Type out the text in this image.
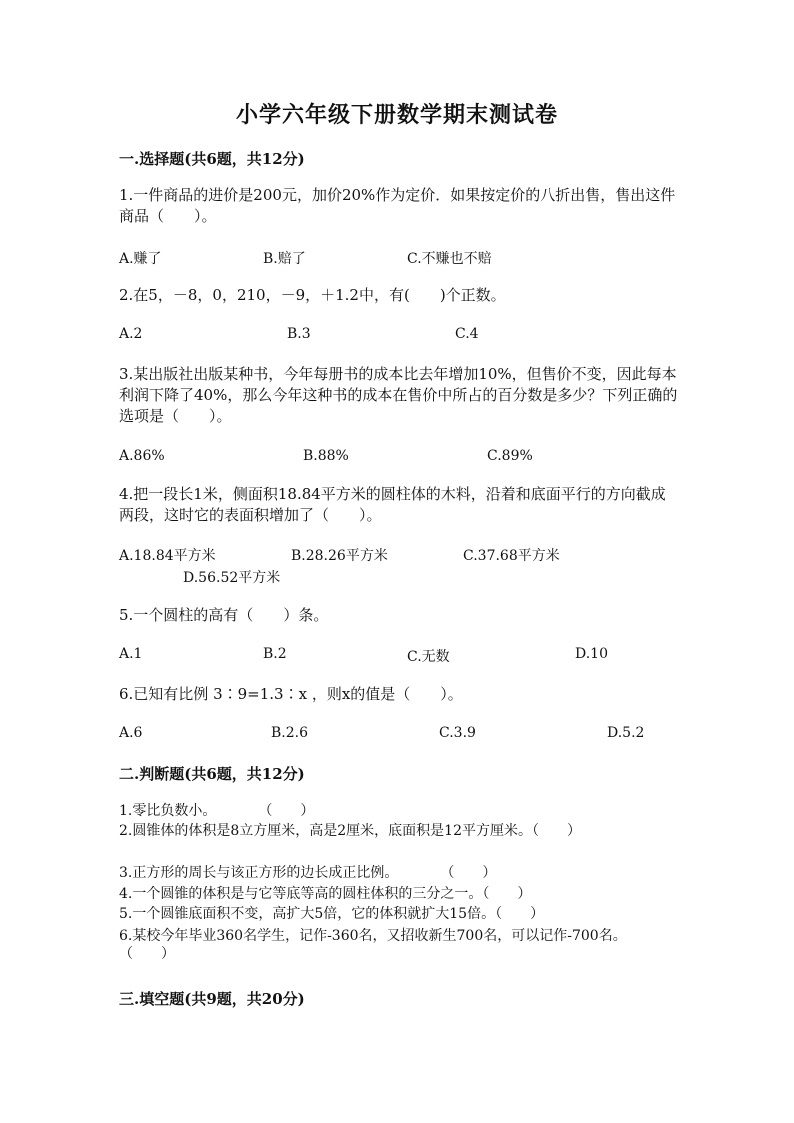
小学六年级下册数学期末测试卷
一.选择题(共6题，共12分)
1.一件商品的进价是200元，加价20%作为定价．如果按定价的八折出售，售出这件商品（　　）。
A.赚了	B.赔了	C.不赚也不赔
2.在5，－8，0，210，－9，＋1.2中，有(　　)个正数。
A.2	B.3	C.4
3.某出版社出版某种书，今年每册书的成本比去年增加10%，但售价不变，因此每本利润下降了40%，那么今年这种书的成本在售价中所占的百分数是多少？下列正确的选项是（　　）。
A.86%	B.88%	C.89%
4.把一段长1米，侧面积18.84平方米的圆柱体的木料，沿着和底面平行的方向截成两段，这时它的表面积增加了（　　）。
A.18.84平方米	B.28.26平方米	C.37.68平方米
D.56.52平方米
5.一个圆柱的高有（　　）条。
A.1	B.2	C.无数	D.10
6.已知有比例 3∶9=1.3∶x ，则x的值是（　　）。
A.6	B.2.6	C.3.9	D.5.2
二.判断题(共6题，共12分)
1.零比负数小。　　　　（　　）
2.圆锥体的体积是8立方厘米，高是2厘米，底面积是12平方厘米。（　　）
3.正方形的周长与该正方形的边长成正比例。　　　　（　　）
4.一个圆锥的体积是与它等底等高的圆柱体积的三分之一。（　　）
5.一个圆锥底面积不变，高扩大5倍，它的体积就扩大15倍。（　　）
6.某校今年毕业360名学生，记作-360名，又招收新生700名，可以记作-700名。　　　（　　）
三.填空题(共9题，共20分)
